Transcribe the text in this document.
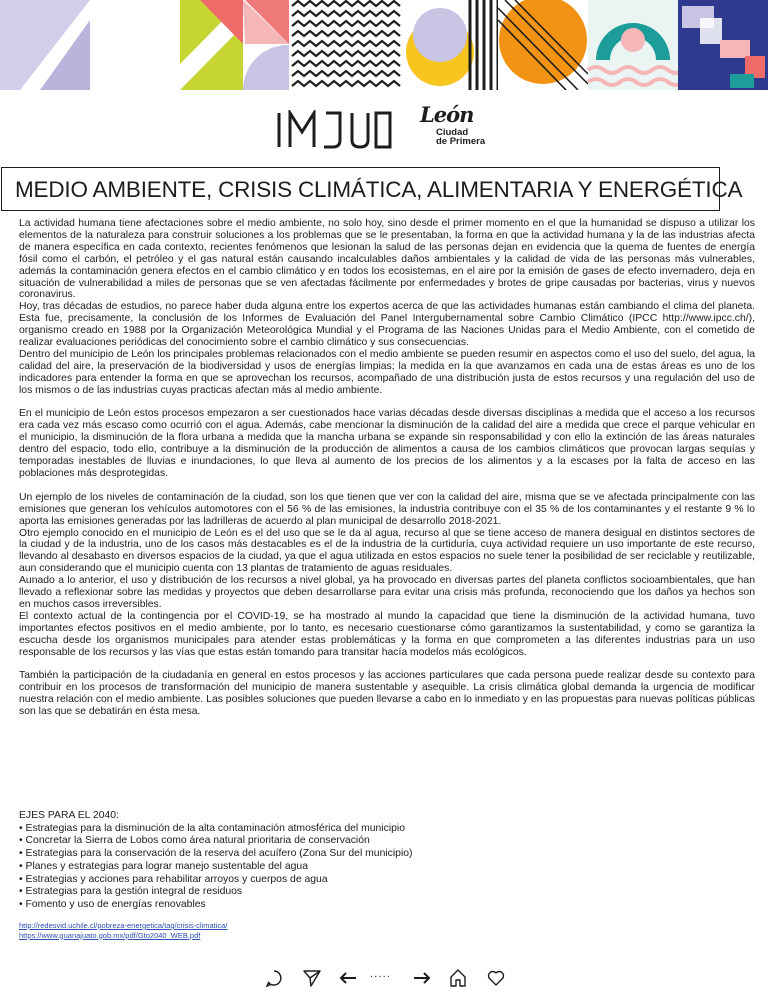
León
Ciudad
de Primera
MEDIO AMBIENTE, CRISIS CLIMÁTICA, ALIMENTARIA Y ENERGÉTICA

La actividad humana tiene afectaciones sobre el medio ambiente, no solo hoy, sino desde el primer momento en el que la humanidad se dispuso a utilizar los elementos de la naturaleza para construir soluciones a los problemas que se le presentaban, la forma en que la actividad humana y la de las industrias afecta de manera específica en cada contexto, recientes fenómenos que lesionan la salud de las personas dejan en evidencia que la quema de fuentes de energía fósil como el carbón, el petróleo y el gas natural están causando incalculables daños ambientales y la calidad de vida de las personas más vulnerables, además la contaminación genera efectos en el cambio climático y en todos los ecosistemas, en el aire por la emisión de gases de efecto invernadero, deja en situación de vulnerabilidad a miles de personas que se ven afectadas fácilmente por enfermedades y brotes de gripe causadas por bacterias, virus y nuevos coronavirus.

Hoy, tras décadas de estudios, no parece haber duda alguna entre los expertos acerca de que las actividades humanas están cambiando el clima del planeta. Esta fue, precisamente, la conclusión de los Informes de Evaluación del Panel Intergubernamental sobre Cambio Climático (IPCC http://www.ipcc.ch/), organismo creado en 1988 por la Organización Meteorológica Mundial y el Programa de las Naciones Unidas para el Medio Ambiente, con el cometido de realizar evaluaciones periódicas del conocimiento sobre el cambio climático y sus consecuencias.

Dentro del municipio de León los principales problemas relacionados con el medio ambiente se pueden resumir en aspectos como el uso del suelo, del agua, la calidad del aire, la preservación de la biodiversidad y usos de energías limpias; la medida en la que avanzamos en cada una de estas áreas es uno de los indicadores para entender la forma en que se aprovechan los recursos, acompañado de una distribución justa de estos recursos y una regulación del uso de los mismos o de las industrias cuyas practicas afectan más al medio ambiente.

En el municipio de León estos procesos empezaron a ser cuestionados hace varias décadas desde diversas disciplinas a medida que el acceso a los recursos era cada vez más escaso como ocurrió con el agua. Además, cabe mencionar la disminución de la calidad del aire a medida que crece el parque vehicular en el municipio, la disminución de la flora urbana a medida que la mancha urbana se expande sin responsabilidad y con ello la extinción de las áreas naturales dentro del espacio, todo ello, contribuye a la disminución de la producción de alimentos a causa de los cambios climáticos que provocan largas sequías y temporadas inestables de lluvias e inundaciones, lo que lleva al aumento de los precios de los alimentos y a la escases por la falta de acceso en las poblaciones más desprotegidas.

Un ejemplo de los niveles de contaminación de la ciudad, son los que tienen que ver con la calidad del aire, misma que se ve afectada principalmente con las emisiones que generan los vehículos automotores con el 56 % de las emisiones, la industria contribuye con el 35 % de los contaminantes y el restante 9 % lo aporta las emisiones generadas por las ladrilleras de acuerdo al plan municipal de desarrollo 2018-2021.

Otro ejemplo conocido en el municipio de León es el del uso que se le da al agua, recurso al que se tiene acceso de manera desigual en distintos sectores de la ciudad y de la industria, uno de los casos más destacables es el de la industria de la curtiduría, cuya actividad requiere un uso importante de este recurso, llevando al desabasto en diversos espacios de la ciudad, ya que el agua utilizada en estos espacios no suele tener la posibilidad de ser reciclable y reutilizable, aun considerando que el municipio cuenta con 13 plantas de tratamiento de aguas residuales.

Aunado a lo anterior, el uso y distribución de los recursos a nivel global, ya ha provocado en diversas partes del planeta conflictos socioambientales, que han llevado a reflexionar sobre las medidas y proyectos que deben desarrollarse para evitar una crisis más profunda, reconociendo que los daños ya hechos son en muchos casos irreversibles.

El contexto actual de la contingencia por el COVID-19, se ha mostrado al mundo la capacidad que tiene la disminución de la actividad humana, tuvo importantes efectos positivos en el medio ambiente, por lo tanto, es necesario cuestionarse cómo garantizamos la sustentabilidad, y como se garantiza la escucha desde los organismos municipales para atender estas problemáticas y la forma en que comprometen a las diferentes industrias para un uso responsable de los recursos y las vías que estas están tomando para transitar hacía modelos más ecológicos.

También la participación de la ciudadanía en general en estos procesos y las acciones particulares que cada persona puede realizar desde su contexto para contribuir en los procesos de transformación del municipio de manera sustentable y asequible. La crisis climática global demanda la urgencia de modificar nuestra relación con el medio ambiente. Las posibles soluciones que pueden llevarse a cabo en lo inmediato y en las propuestas para nuevas políticas públicas son las que se debatirán en ésta mesa.

EJES PARA EL 2040:
• Estrategias para la disminución de la alta contaminación atmosférica del municipio
• Concretar la Sierra de Lobos como área natural prioritaria de conservación
• Estrategias para la conservación de la reserva del acuífero (Zona Sur del municipio)
• Planes y estrategias para lograr manejo sustentable del agua
• Estrategias y acciones para rehabilitar arroyos y cuerpos de agua
• Estrategias para la gestión integral de residuos
• Fomento y uso de energías renovables
http://redesvid.uchile.cl/pobreza-energetica/tag/crisis-climatica/
https://www.guanajuato.gob.mx/pdf/Gto2040_WEB.pdf
·····
